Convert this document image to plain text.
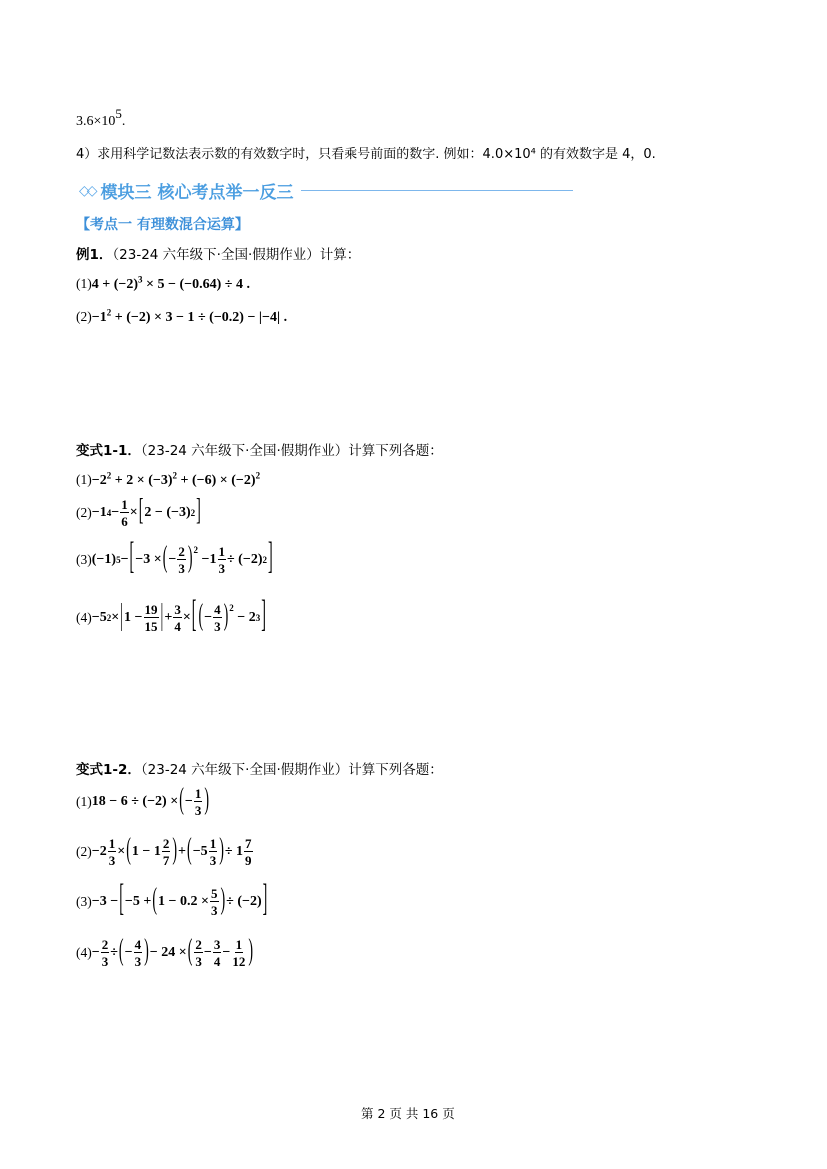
$3.6\times 10^5$.
4）求用科学记数法表示数的有效数字时，只看乘号前面的数字. 例如：4.0×10⁴ 的有效数字是 4，0.
◇◇ 模块三 核心考点举一反三
【考点一 有理数混合运算】
例1．（23-24 六年级下·全国·假期作业）计算：
$(1)4 + (-2)^3 \times 5 - (-0.64) \div 4$ .
$(2)-1^2 + (-2) \times 3 - 1 \div (-0.2) - |-4|$ .
变式1-1．（23-24 六年级下·全国·假期作业）计算下列各题：
$(1)-2^2 + 2 \times (-3)^2 + (-6) \times (-2)^2$
(2) −1 $4 - \frac{1}{6}$ × [ 2 − (−3) 2 ]
(3) (−1) 5 − [ −3 × ( − $\frac{2}{3} )^2$
$-1 \frac{1}{3} \div (-2)$ 2 ]
(4) −5 2 × | $1 - \frac{19}{15}$ | + $\frac{3}{4}$ × [ ( − $\frac{4}{3} )^2$
− 2 3 ]
变式1-2．（23-24 六年级下·全国·假期作业）计算下列各题：
(1) 18 − 6 ÷ (−2) × ( − $\frac{1}{3}$ )
$(2) -2 \frac{1}{3}$ × ( $1 - 1 \frac{2}{7}$ ) + ( $-5 \frac{1}{3}$ ) ÷ $1 \frac{7}{9}$
(3) −3 − [ −5 + ( $1 - 0.2 \times \frac{5}{3}$ ) ÷ (−2) ]
$(4) - \frac{2}{3}$ ÷ ( − $\frac{4}{3}$ ) − 24 × ( $\frac{2}{3} - \frac{3}{4} - \frac{1}{12}$ )
第 2 页 共 16 页
